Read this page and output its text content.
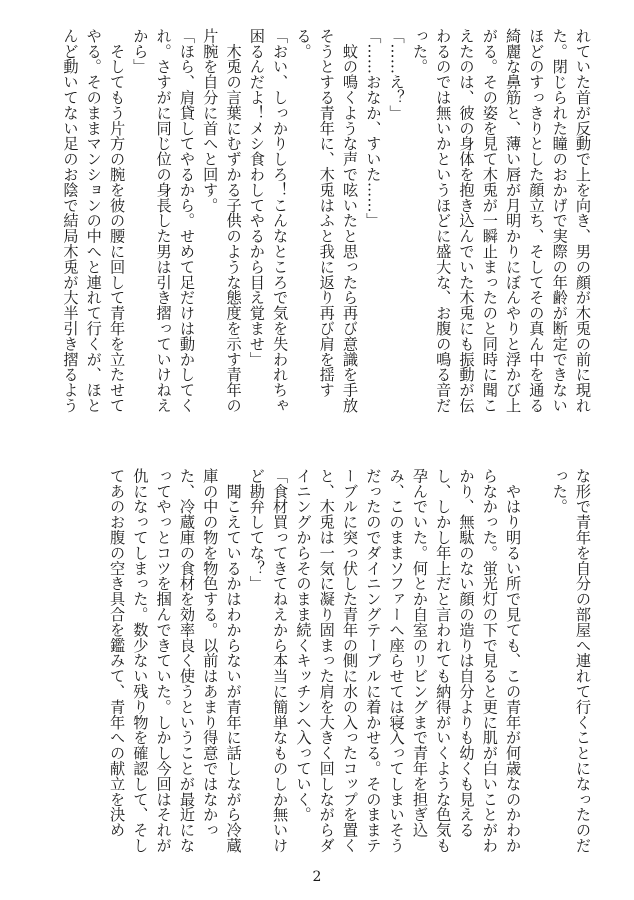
れていた首が反動で上を向き、男の顔が木兎の前に現れ
た。閉じられた瞳のおかげで実際の年齢が断定できない
ほどのすっきりとした顔立ち、そしてその真ん中を通る
綺麗な鼻筋と、薄い唇が月明かりにぼんやりと浮かび上
がる。その姿を見て木兎が一瞬止まったのと同時に聞こ
えたのは、彼の身体を抱き込んでいた木兎にも振動が伝
わるのでは無いかというほどに盛大な、お腹の鳴る音だ
った。
「……え？」
「……おなか、すいた……」
　蚊の鳴くような声で呟いたと思ったら再び意識を手放
そうとする青年に、木兎はふと我に返り再び肩を揺す
る。
「おい、しっかりしろ！こんなところで気を失われちゃ
困るんだよ！メシ食わしてやるから目え覚ませ」
　木兎の言葉にむずかる子供のような態度を示す青年の
片腕を自分に首へと回す。
「ほら、肩貸してやるから。せめて足だけは動かしてく
れ。さすがに同じ位の身長した男は引き摺っていけねえ
から」
　そしてもう片方の腕を彼の腰に回して青年を立たせて
やる。そのままマンションの中へと連れて行くが、ほと
んど動いてない足のお陰で結局木兎が大半引き摺るよう
な形で青年を自分の部屋へ連れて行くことになったのだ
った。

　やはり明るい所で見ても、この青年が何歳なのかわか
らなかった。蛍光灯の下で見ると更に肌が白いことがわ
かり、無駄のない顔の造りは自分よりも幼くも見える
し、しかし年上だと言われても納得がいくような色気も
孕んでいた。何とか自室のリビングまで青年を担ぎ込
み、このままソファーへ座らせては寝入ってしまいそう
だったのでダイニングテーブルに着かせる。そのままテ
ーブルに突っ伏した青年の側に水の入ったコップを置く
と、木兎は一気に凝り固まった肩を大きく回しながらダ
イニングからそのまま続くキッチンへ入っていく。
「食材買ってきてねえから本当に簡単なものしか無いけ
ど勘弁してな？」
　聞こえているかはわからないが青年に話しながら冷蔵
庫の中の物を物色する。以前はあまり得意ではなかっ
た、冷蔵庫の食材を効率良く使うということが最近にな
ってやっとコツを掴んできていた。しかし今回はそれが
仇になってしまった。数少ない残り物を確認して、そし
てあのお腹の空き具合を鑑みて、青年への献立を決め
2
